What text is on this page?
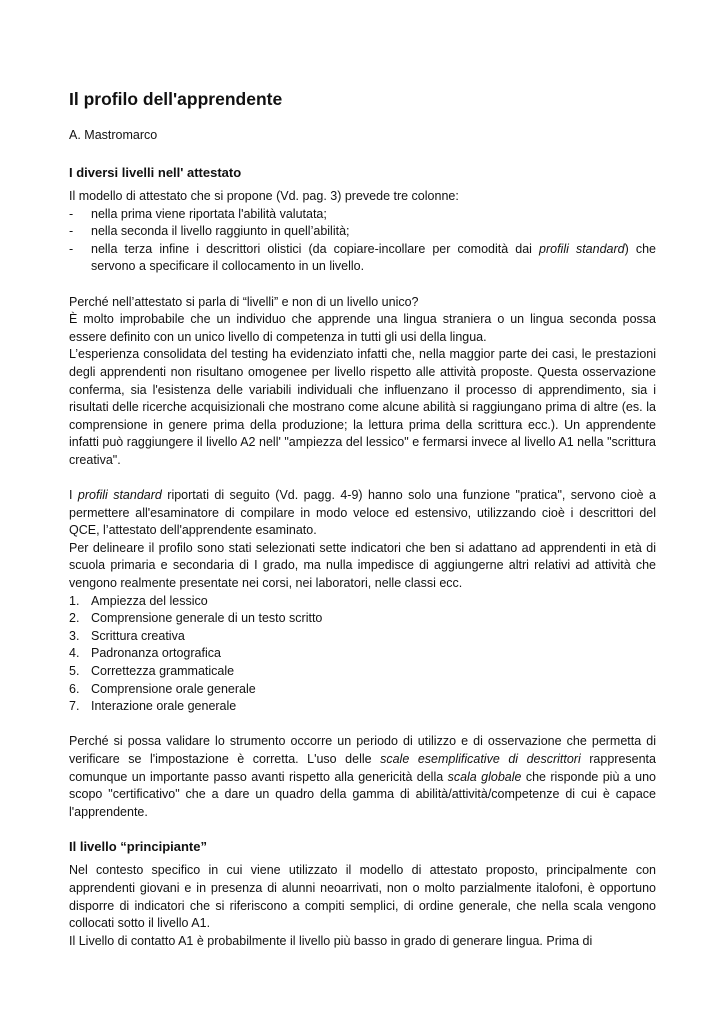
Il profilo dell'apprendente
A. Mastromarco
I diversi livelli nell' attestato

Il modello di attestato che si propone (Vd. pag. 3) prevede tre colonne:

- nella prima viene riportata l'abilità valutata;
- nella seconda il livello raggiunto in quell’abilità;
- nella terza infine i descrittori olistici (da copiare-incollare per comodità dai profili standard) che servono a specificare il collocamento in un livello.

Perché nell’attestato si parla di “livelli” e non di un livello unico?

È molto improbabile che un individuo che apprende una lingua straniera o un lingua seconda possa essere definito con un unico livello di competenza in tutti gli usi della lingua.

L’esperienza consolidata del testing ha evidenziato infatti che, nella maggior parte dei casi, le prestazioni degli apprendenti non risultano omogenee per livello rispetto alle attività proposte. Questa osservazione conferma, sia l'esistenza delle variabili individuali che influenzano il processo di apprendimento, sia i risultati delle ricerche acquisizionali che mostrano come alcune abilità si raggiungano prima di altre (es. la comprensione in genere prima della produzione; la lettura prima della scrittura ecc.). Un apprendente infatti può raggiungere il livello A2 nell' "ampiezza del lessico" e fermarsi invece al livello A1 nella "scrittura creativa".

I profili standard riportati di seguito (Vd. pagg. 4-9) hanno solo una funzione "pratica", servono cioè a permettere all'esaminatore di compilare in modo veloce ed estensivo, utilizzando cioè i descrittori del QCE, l’attestato dell'apprendente esaminato.

Per delineare il profilo sono stati selezionati sette indicatori che ben si adattano ad apprendenti in età di scuola primaria e secondaria di I grado, ma nulla impedisce di aggiungerne altri relativi ad attività che vengono realmente presentate nei corsi, nei laboratori, nelle classi ecc.

1. Ampiezza del lessico
2. Comprensione generale di un testo scritto
3. Scrittura creativa
4. Padronanza ortografica
5. Correttezza grammaticale
6. Comprensione orale generale
7. Interazione orale generale

Perché si possa validare lo strumento occorre un periodo di utilizzo e di osservazione che permetta di verificare se l'impostazione è corretta. L'uso delle scale esemplificative di descrittori rappresenta comunque un importante passo avanti rispetto alla genericità della scala globale che risponde più a uno scopo "certificativo" che a dare un quadro della gamma di abilità/attività/competenze di cui è capace l'apprendente.

Il livello “principiante”

Nel contesto specifico in cui viene utilizzato il modello di attestato proposto, principalmente con apprendenti giovani e in presenza di alunni neoarrivati, non o molto parzialmente italofoni, è opportuno disporre di indicatori che si riferiscono a compiti semplici, di ordine generale, che nella scala vengono collocati sotto il livello A1.

Il Livello di contatto A1 è probabilmente il livello più basso in grado di generare lingua. Prima di
